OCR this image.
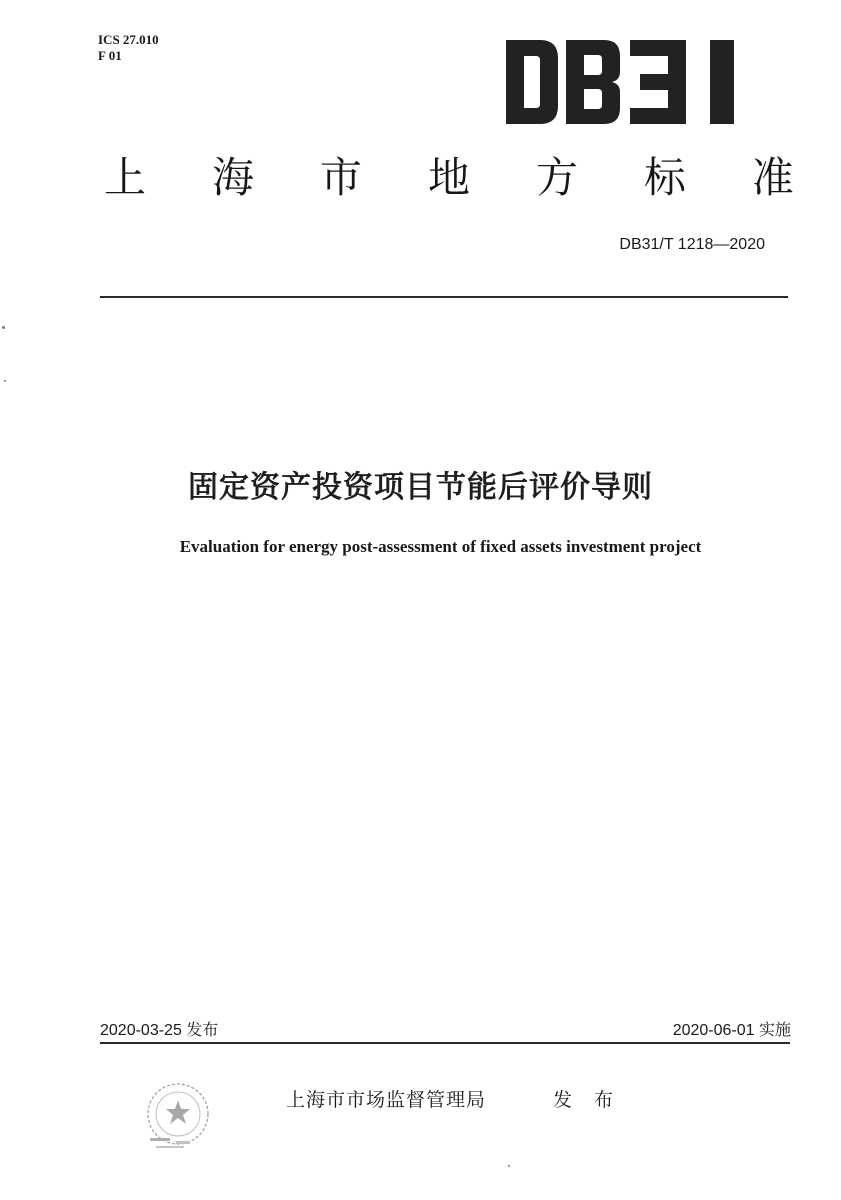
ICS 27.010
F 01
上 海 市 地 方 标 准
DB31/T 1218—2020
固定资产投资项目节能后评价导则
Evaluation for energy post-assessment of fixed assets investment project
2020-03-25 发布	2020-06-01 实施
上海市市场监督管理局	发 布
